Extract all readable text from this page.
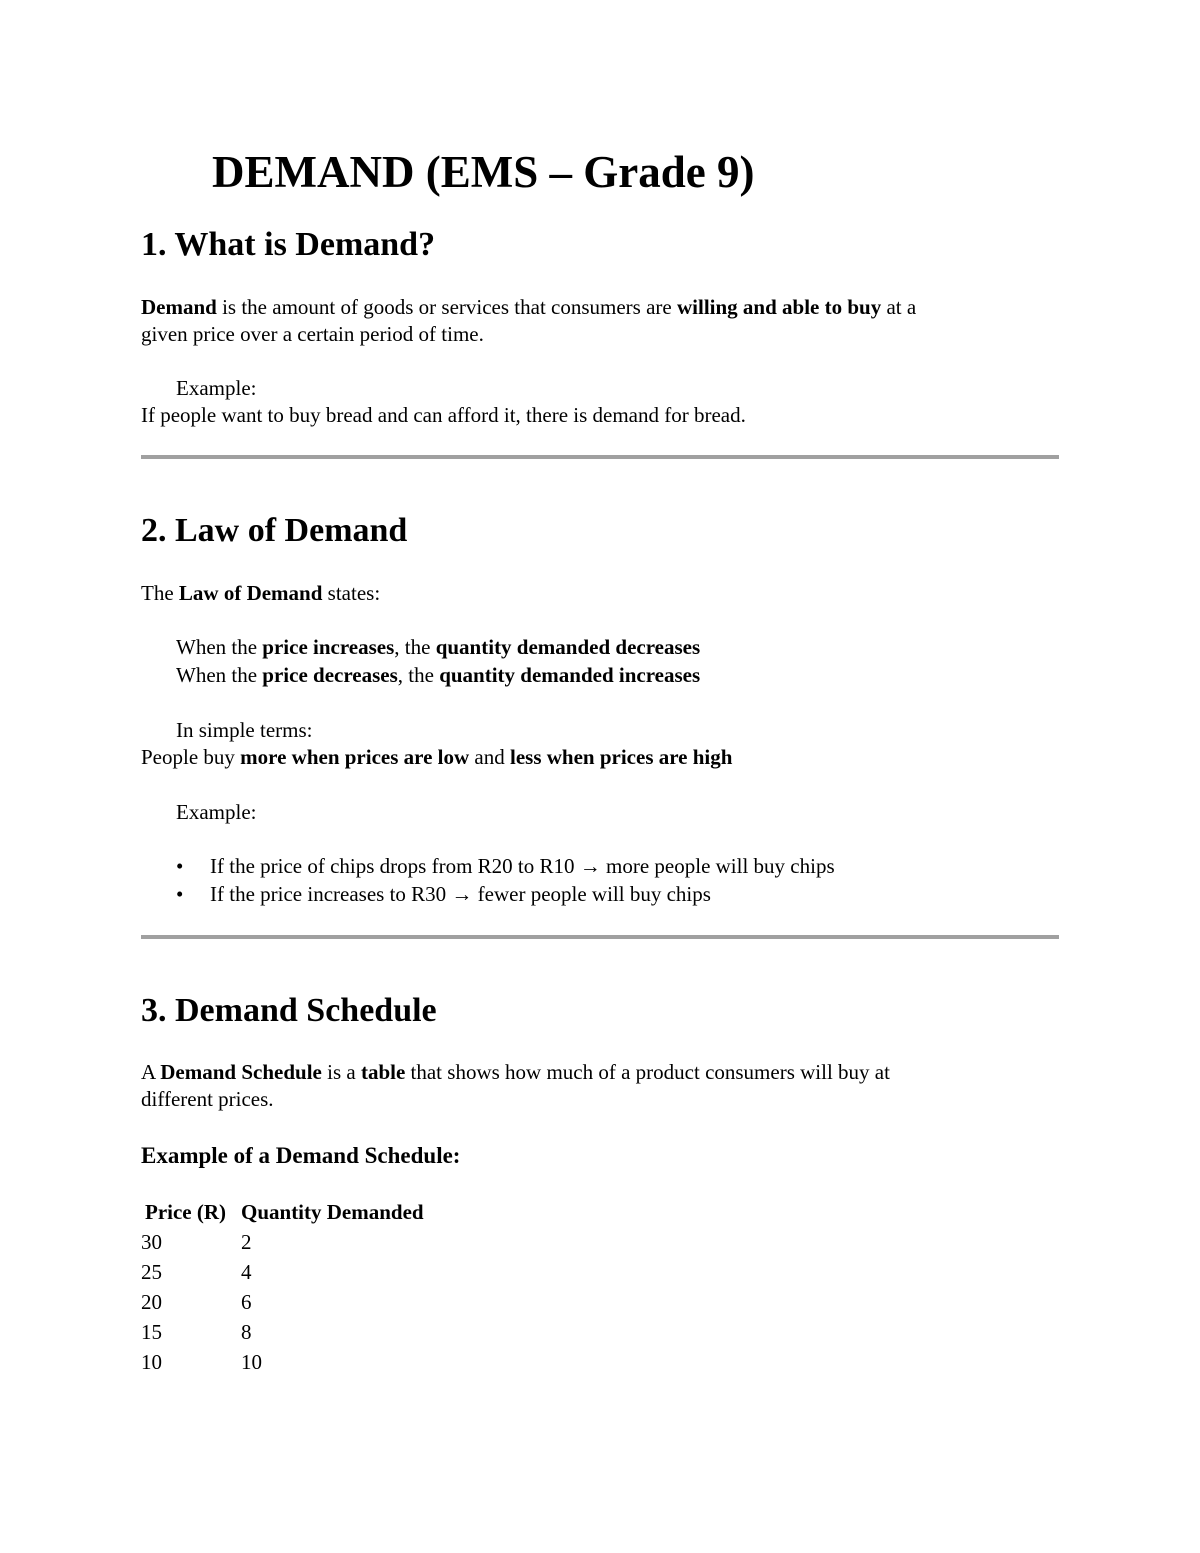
DEMAND (EMS – Grade 9)
1. What is Demand?
Demand is the amount of goods or services that consumers are willing and able to buy at a
given price over a certain period of time.
Example:
If people want to buy bread and can afford it, there is demand for bread.
2. Law of Demand
The Law of Demand states:
When the price increases, the quantity demanded decreases
When the price decreases, the quantity demanded increases
In simple terms:
People buy more when prices are low and less when prices are high
Example:
• If the price of chips drops from R20 to R10 → more people will buy chips
• If the price increases to R30 → fewer people will buy chips
3. Demand Schedule
A Demand Schedule is a table that shows how much of a product consumers will buy at
different prices.
Example of a Demand Schedule:
Price (R)	Quantity Demanded
30	2
25	4
20	6
15	8
10	10
